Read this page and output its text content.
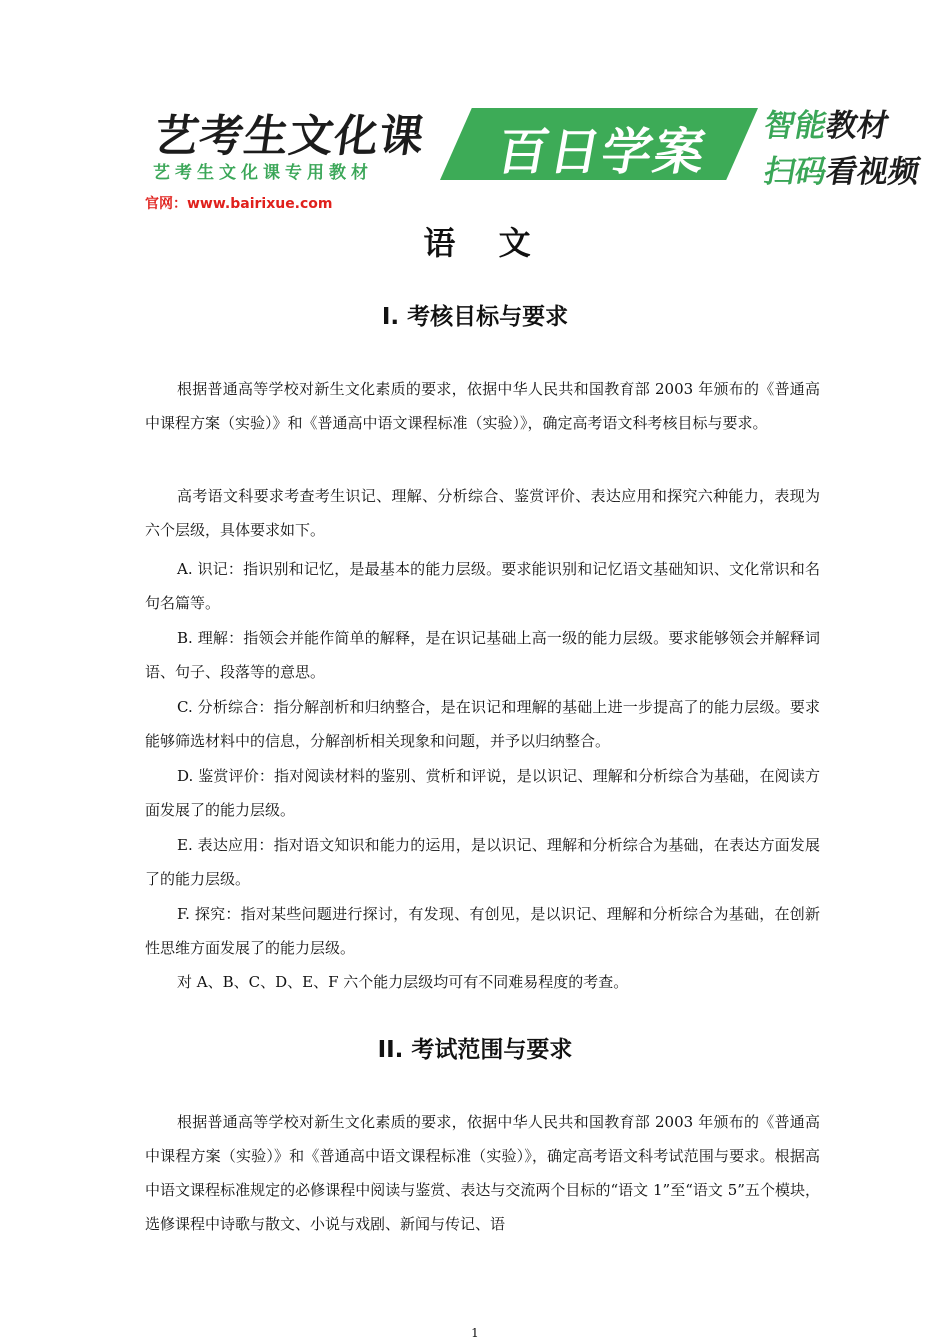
艺考生文化课
艺考生文化课专用教材	百日学案	智能教材
扫码看视频
官网：www.bairixue.com
语 文
I. 考核目标与要求
根据普通高等学校对新生文化素质的要求，依据中华人民共和国教育部 2003 年颁布的《普通高中课程方案（实验）》和《普通高中语文课程标准（实验）》，确定高考语文科考核目标与要求。
高考语文科要求考查考生识记、理解、分析综合、鉴赏评价、表达应用和探究六种能力，表现为六个层级，具体要求如下。
A. 识记：指识别和记忆，是最基本的能力层级。要求能识别和记忆语文基础知识、文化常识和名句名篇等。
B. 理解：指领会并能作简单的解释，是在识记基础上高一级的能力层级。要求能够领会并解释词语、句子、段落等的意思。
C. 分析综合：指分解剖析和归纳整合，是在识记和理解的基础上进一步提高了的能力层级。要求能够筛选材料中的信息，分解剖析相关现象和问题，并予以归纳整合。
D. 鉴赏评价：指对阅读材料的鉴别、赏析和评说，是以识记、理解和分析综合为基础，在阅读方面发展了的能力层级。
E. 表达应用：指对语文知识和能力的运用，是以识记、理解和分析综合为基础，在表达方面发展了的能力层级。
F. 探究：指对某些问题进行探讨，有发现、有创见，是以识记、理解和分析综合为基础，在创新性思维方面发展了的能力层级。
对 A、B、C、D、E、F 六个能力层级均可有不同难易程度的考查。
II. 考试范围与要求
根据普通高等学校对新生文化素质的要求，依据中华人民共和国教育部 2003 年颁布的《普通高中课程方案（实验）》和《普通高中语文课程标准（实验）》，确定高考语文科考试范围与要求。根据高中语文课程标准规定的必修课程中阅读与鉴赏、表达与交流两个目标的“语文 1”至“语文 5”五个模块，选修课程中诗歌与散文、小说与戏剧、新闻与传记、语
1
